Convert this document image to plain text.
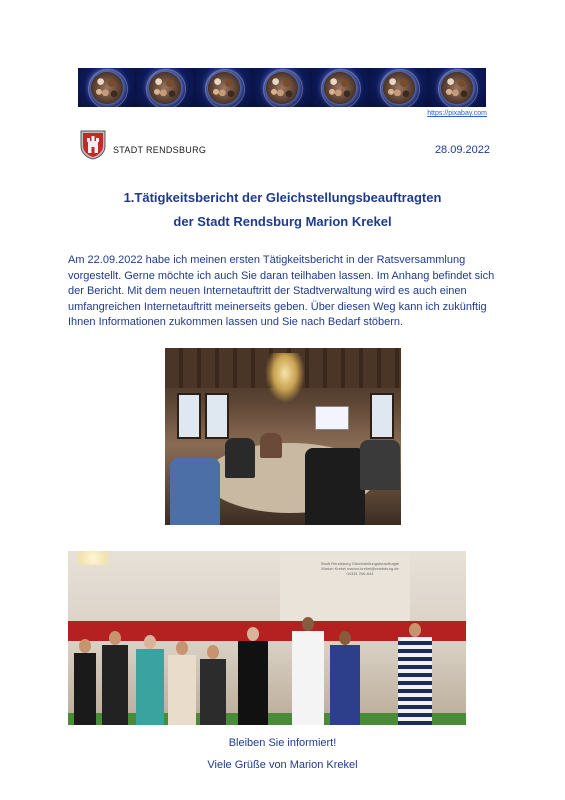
https://pixabay.com
STADT RENDSBURG	28.09.2022
1.Tätigkeitsbericht der Gleichstellungsbeauftragten
der Stadt Rendsburg Marion Krekel
Am 22.09.2022 habe ich meinen ersten Tätigkeitsbericht in der Ratsversammlung vorgestellt. Gerne möchte ich auch Sie daran teilhaben lassen. Im Anhang befindet sich der Bericht. Mit dem neuen Internetauftritt der Stadtverwaltung wird es auch einen umfangreichen Internetauftritt meinerseits geben. Über diesen Weg kann ich zukünftig Ihnen Informationen zukommen lassen und Sie nach Bedarf stöbern.
Stadt Rendsburg Gleichstellungsbeauftragte Marion Krekel marion.krekel@rendsburg.de 04331 206-644
Bleiben Sie informiert!
Viele Grüße von Marion Krekel
